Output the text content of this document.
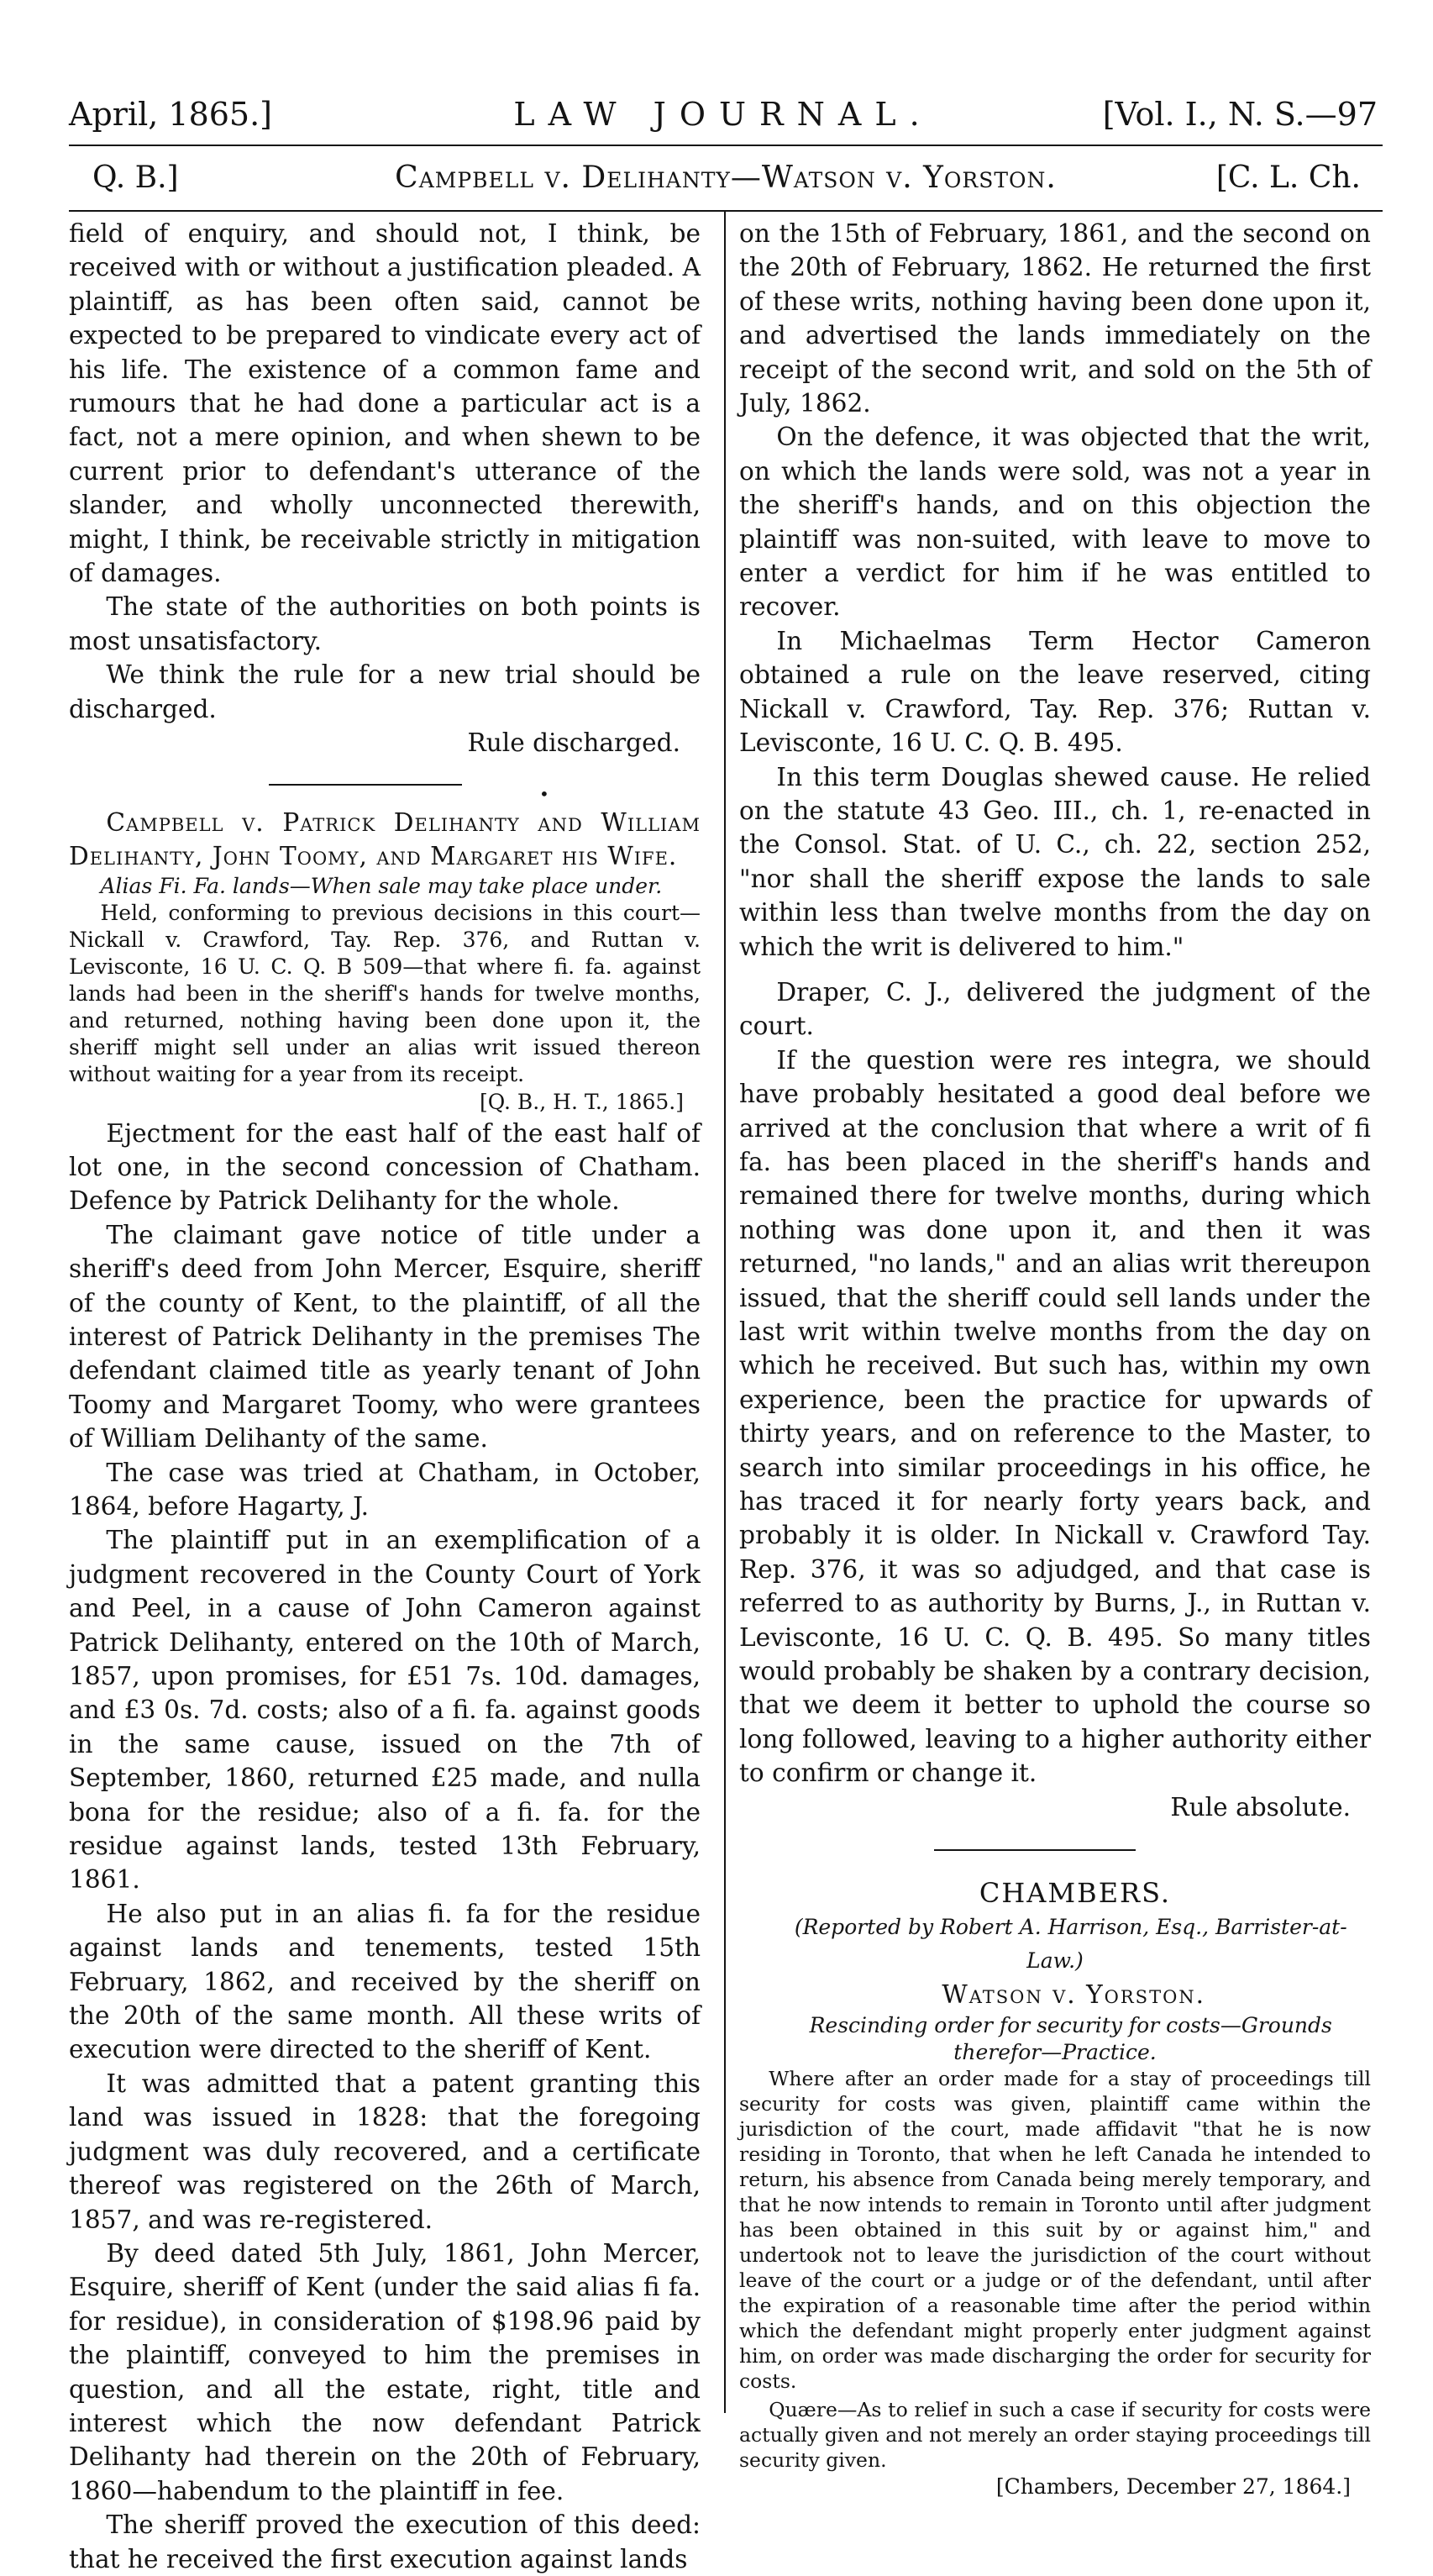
April, 1865.]	LAW JOURNAL.	[Vol. I., N. S.—97
Q. B.]	Campbell v. Delihanty—Watson v. Yorston.	[C. L. Ch.

field of enquiry, and should not, I think, be received with or without a justification pleaded. A plaintiff, as has been often said, cannot be expected to be prepared to vindicate every act of his life. The existence of a common fame and rumours that he had done a particular act is a fact, not a mere opinion, and when shewn to be current prior to defendant's utterance of the slander, and wholly unconnected therewith, might, I think, be receivable strictly in mitigation of damages.

The state of the authorities on both points is most unsatisfactory.

We think the rule for a new trial should be discharged.

Rule discharged.

•

Campbell v. Patrick Delihanty and William Delihanty, John Toomy, and Margaret his Wife.

Alias Fi. Fa. lands—When sale may take place under.

Held, conforming to previous decisions in this court—Nickall v. Crawford, Tay. Rep. 376, and Ruttan v. Levisconte, 16 U. C. Q. B 509—that where fi. fa. against lands had been in the sheriff's hands for twelve months, and returned, nothing having been done upon it, the sheriff might sell under an alias writ issued thereon without waiting for a year from its receipt.

[Q. B., H. T., 1865.]

Ejectment for the east half of the east half of lot one, in the second concession of Chatham. Defence by Patrick Delihanty for the whole.

The claimant gave notice of title under a sheriff's deed from John Mercer, Esquire, sheriff of the county of Kent, to the plaintiff, of all the interest of Patrick Delihanty in the premises The defendant claimed title as yearly tenant of John Toomy and Margaret Toomy, who were grantees of William Delihanty of the same.

The case was tried at Chatham, in October, 1864, before Hagarty, J.

The plaintiff put in an exemplification of a judgment recovered in the County Court of York and Peel, in a cause of John Cameron against Patrick Delihanty, entered on the 10th of March, 1857, upon promises, for £51 7s. 10d. damages, and £3 0s. 7d. costs; also of a fi. fa. against goods in the same cause, issued on the 7th of September, 1860, returned £25 made, and nulla bona for the residue; also of a fi. fa. for the residue against lands, tested 13th February, 1861.

He also put in an alias fi. fa for the residue against lands and tenements, tested 15th February, 1862, and received by the sheriff on the 20th of the same month. All these writs of execution were directed to the sheriff of Kent.

It was admitted that a patent granting this land was issued in 1828: that the foregoing judgment was duly recovered, and a certificate thereof was registered on the 26th of March, 1857, and was re-registered.

By deed dated 5th July, 1861, John Mercer, Esquire, sheriff of Kent (under the said alias fi fa. for residue), in consideration of $198.96 paid by the plaintiff, conveyed to him the premises in question, and all the estate, right, title and interest which the now defendant Patrick Delihanty had therein on the 20th of February, 1860—habendum to the plaintiff in fee.

The sheriff proved the execution of this deed: that he received the first execution against lands

on the 15th of February, 1861, and the second on the 20th of February, 1862. He returned the first of these writs, nothing having been done upon it, and advertised the lands immediately on the receipt of the second writ, and sold on the 5th of July, 1862.

On the defence, it was objected that the writ, on which the lands were sold, was not a year in the sheriff's hands, and on this objection the plaintiff was non-suited, with leave to move to enter a verdict for him if he was entitled to recover.

In Michaelmas Term Hector Cameron obtained a rule on the leave reserved, citing Nickall v. Crawford, Tay. Rep. 376; Ruttan v. Levisconte, 16 U. C. Q. B. 495.

In this term Douglas shewed cause. He relied on the statute 43 Geo. III., ch. 1, re-enacted in the Consol. Stat. of U. C., ch. 22, section 252, "nor shall the sheriff expose the lands to sale within less than twelve months from the day on which the writ is delivered to him."

Draper, C. J., delivered the judgment of the court.

If the question were res integra, we should have probably hesitated a good deal before we arrived at the conclusion that where a writ of fi fa. has been placed in the sheriff's hands and remained there for twelve months, during which nothing was done upon it, and then it was returned, "no lands," and an alias writ thereupon issued, that the sheriff could sell lands under the last writ within twelve months from the day on which he received. But such has, within my own experience, been the practice for upwards of thirty years, and on reference to the Master, to search into similar proceedings in his office, he has traced it for nearly forty years back, and probably it is older. In Nickall v. Crawford Tay. Rep. 376, it was so adjudged, and that case is referred to as authority by Burns, J., in Ruttan v. Levisconte, 16 U. C. Q. B. 495. So many titles would probably be shaken by a contrary decision, that we deem it better to uphold the course so long followed, leaving to a higher authority either to confirm or change it.

Rule absolute.

CHAMBERS.

(Reported by Robert A. Harrison, Esq., Barrister-at-Law.)

Watson v. Yorston.

Rescinding order for security for costs—Grounds therefor—Practice.

Where after an order made for a stay of proceedings till security for costs was given, plaintiff came within the jurisdiction of the court, made affidavit "that he is now residing in Toronto, that when he left Canada he intended to return, his absence from Canada being merely temporary, and that he now intends to remain in Toronto until after judgment has been obtained in this suit by or against him," and undertook not to leave the jurisdiction of the court without leave of the court or a judge or of the defendant, until after the expiration of a reasonable time after the period within which the defendant might properly enter judgment against him, on order was made discharging the order for security for costs.

Quære—As to relief in such a case if security for costs were actually given and not merely an order staying proceedings till security given.

[Chambers, December 27, 1864.]
